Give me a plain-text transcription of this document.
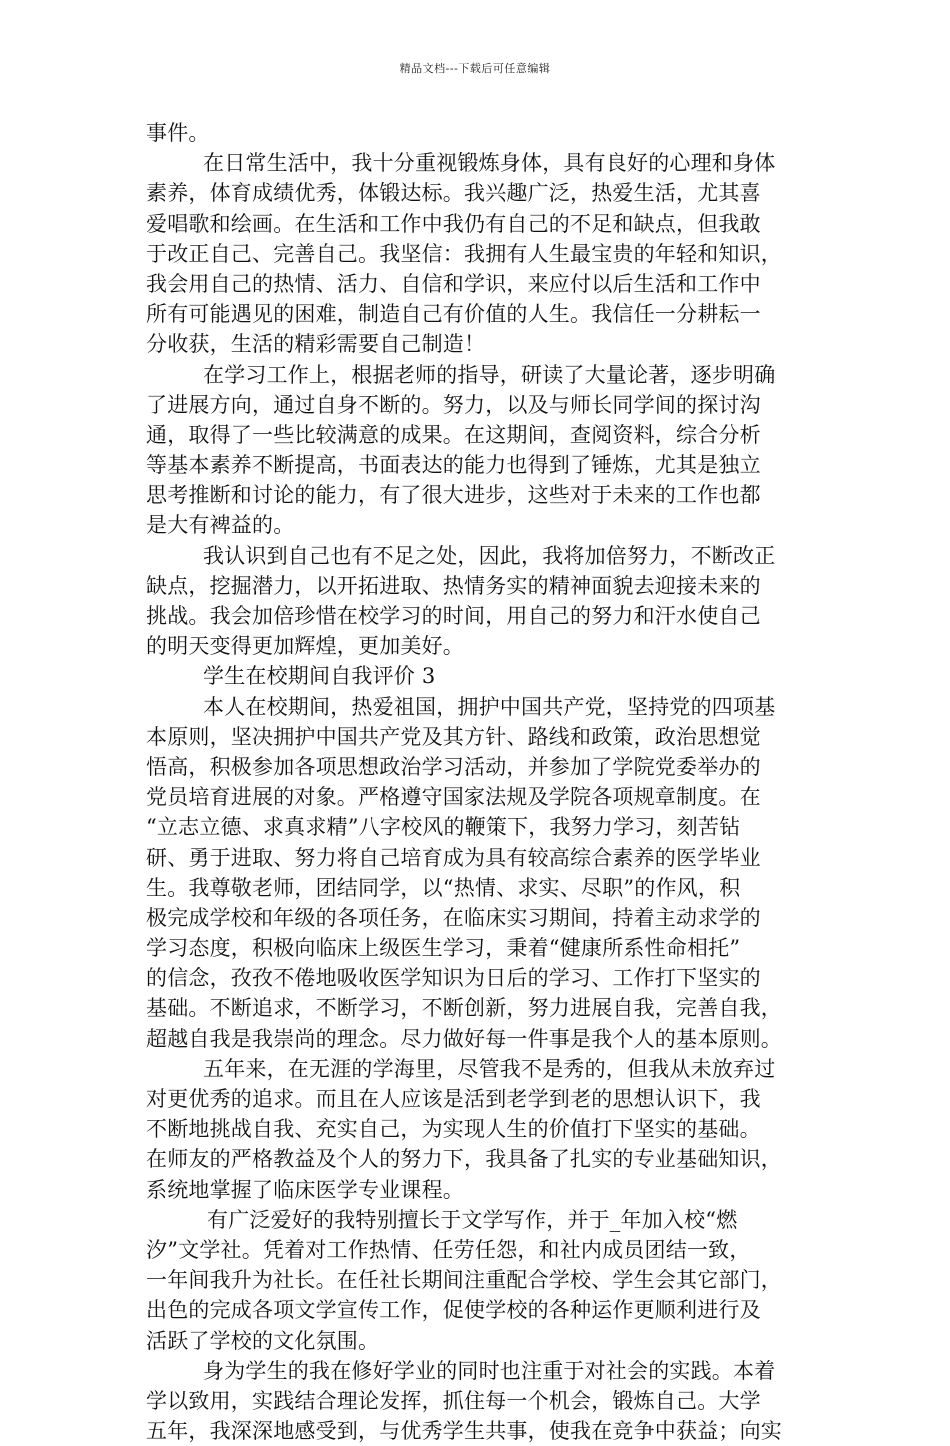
精品文档---下载后可任意编辑
事件。
在日常生活中，我十分重视锻炼身体，具有良好的心理和身体
素养，体育成绩优秀，体锻达标。我兴趣广泛，热爱生活，尤其喜
爱唱歌和绘画。在生活和工作中我仍有自己的不足和缺点，但我敢
于改正自己、完善自己。我坚信：我拥有人生最宝贵的年轻和知识，
我会用自己的热情、活力、自信和学识，来应付以后生活和工作中
所有可能遇见的困难，制造自己有价值的人生。我信任一分耕耘一
分收获，生活的精彩需要自己制造！
在学习工作上，根据老师的指导，研读了大量论著，逐步明确
了进展方向，通过自身不断的。努力，以及与师长同学间的探讨沟
通，取得了一些比较满意的成果。在这期间，查阅资料，综合分析
等基本素养不断提高，书面表达的能力也得到了锤炼，尤其是独立
思考推断和讨论的能力，有了很大进步，这些对于未来的工作也都
是大有裨益的。
我认识到自己也有不足之处，因此，我将加倍努力，不断改正
缺点，挖掘潜力，以开拓进取、热情务实的精神面貌去迎接未来的
挑战。我会加倍珍惜在校学习的时间，用自己的努力和汗水使自己
的明天变得更加辉煌，更加美好。
学生在校期间自我评价 3
本人在校期间，热爱祖国，拥护中国共产党，坚持党的四项基
本原则，坚决拥护中国共产党及其方针、路线和政策，政治思想觉
悟高，积极参加各项思想政治学习活动，并参加了学院党委举办的
党员培育进展的对象。严格遵守国家法规及学院各项规章制度。在
“立志立德、求真求精”八字校风的鞭策下，我努力学习，刻苦钻
研、勇于进取、努力将自己培育成为具有较高综合素养的医学毕业
生。我尊敬老师，团结同学，以“热情、求实、尽职”的作风，积
极完成学校和年级的各项任务，在临床实习期间，持着主动求学的
学习态度，积极向临床上级医生学习，秉着“健康所系性命相托”
的信念，孜孜不倦地吸收医学知识为日后的学习、工作打下坚实的
基础。不断追求，不断学习，不断创新，努力进展自我，完善自我，
超越自我是我崇尚的理念。尽力做好每一件事是我个人的基本原则。
五年来，在无涯的学海里，尽管我不是秀的，但我从未放弃过
对更优秀的追求。而且在人应该是活到老学到老的思想认识下，我
不断地挑战自我、充实自己，为实现人生的价值打下坚实的基础。
在师友的严格教益及个人的努力下，我具备了扎实的专业基础知识，
系统地掌握了临床医学专业课程。
有广泛爱好的我特别擅长于文学写作，并于_年加入校“燃
汐”文学社。凭着对工作热情、任劳任怨，和社内成员团结一致，
一年间我升为社长。在任社长期间注重配合学校、学生会其它部门，
出色的完成各项文学宣传工作，促使学校的各种运作更顺利进行及
活跃了学校的文化氛围。
身为学生的我在修好学业的同时也注重于对社会的实践。本着
学以致用，实践结合理论发挥，抓住每一个机会，锻炼自己。大学
五年，我深深地感受到，与优秀学生共事，使我在竞争中获益；向实
